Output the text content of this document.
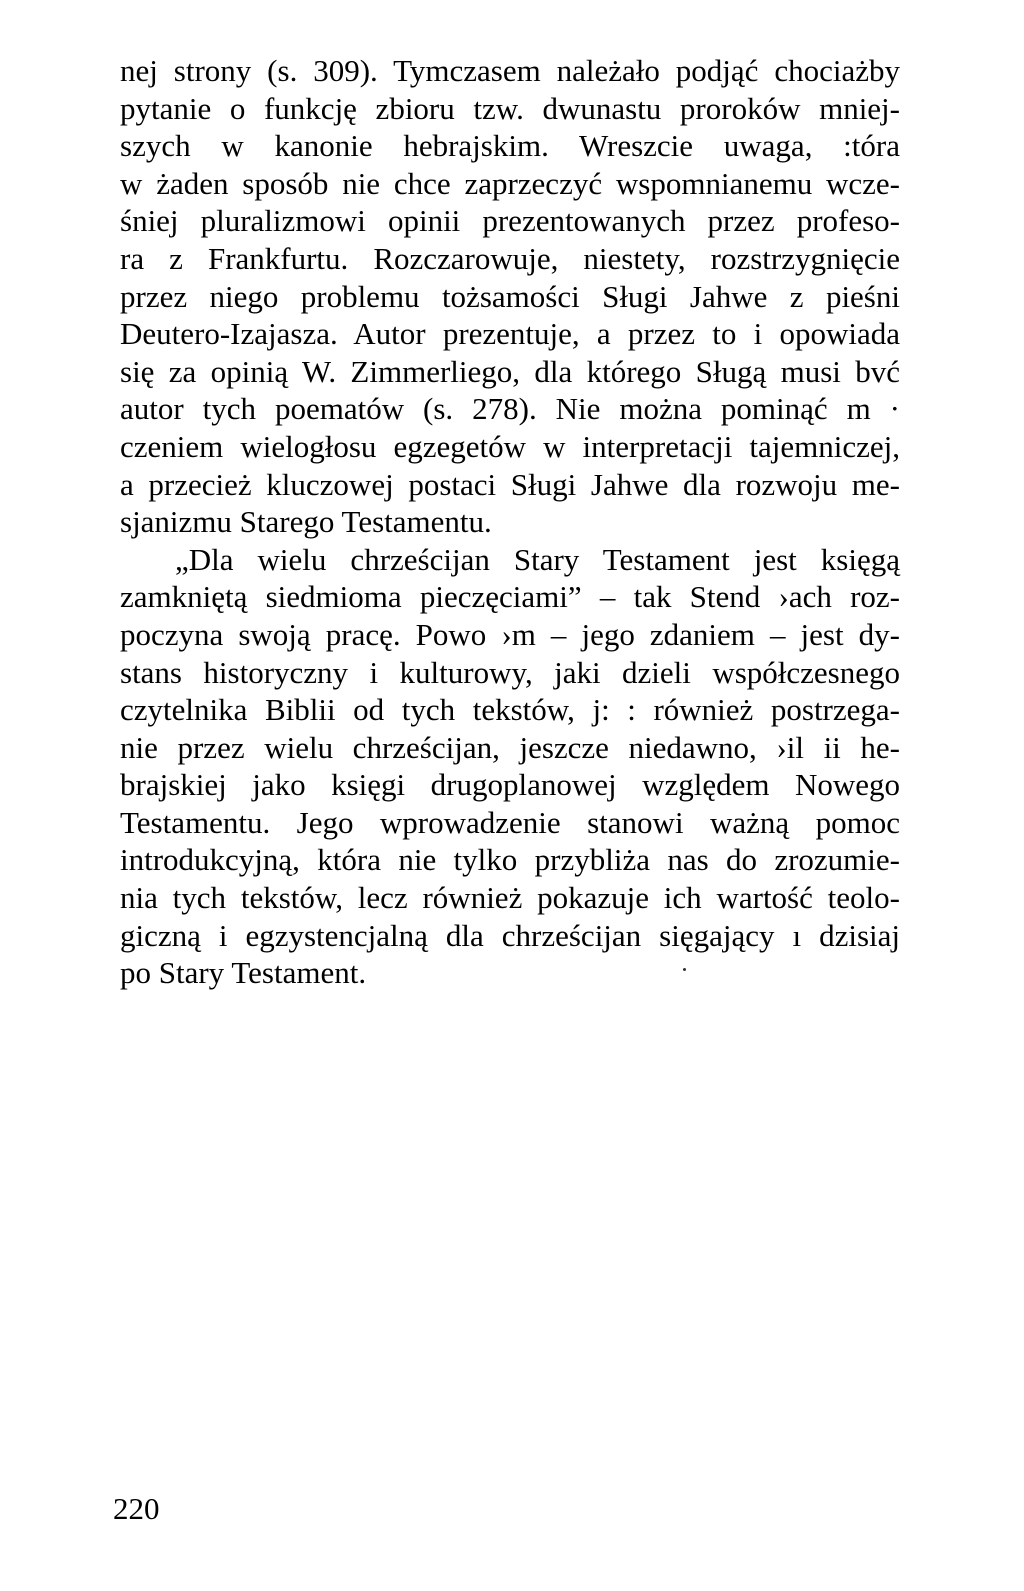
nej strony (s. 309). Tymczasem należało podjąć chociażby
pytanie o funkcję zbioru tzw. dwunastu proroków mniej-
szych w kanonie hebrajskim. Wreszcie uwaga, :tóra
w żaden sposób nie chce zaprzeczyć wspomnianemu wcze-
śniej pluralizmowi opinii prezentowanych przez profeso-
ra z Frankfurtu. Rozczarowuje, niestety, rozstrzygnięcie
przez niego problemu tożsamości Sługi Jahwe z pieśni
Deutero-Izajasza. Autor prezentuje, a przez to i opowiada
się za opinią W. Zimmerliego, dla którego Sługą musi bvć
autor tych poematów (s. 278). Nie można pominąć m ·
czeniem wielogłosu egzegetów w interpretacji tajemniczej,
a przecież kluczowej postaci Sługi Jahwe dla rozwoju me-
sjanizmu Starego Testamentu.
„Dla wielu chrześcijan Stary Testament jest księgą
zamkniętą siedmioma pieczęciami” – tak Stend ›ach roz-
poczyna swoją pracę. Powo ›m – jego zdaniem – jest dy-
stans historyczny i kulturowy, jaki dzieli współczesnego
czytelnika Biblii od tych tekstów, j: : również postrzega-
nie przez wielu chrześcijan, jeszcze niedawno, ›il ii he-
brajskiej jako księgi drugoplanowej względem Nowego
Testamentu. Jego wprowadzenie stanowi ważną pomoc
introdukcyjną, która nie tylko przybliża nas do zrozumie-
nia tych tekstów, lecz również pokazuje ich wartość teolo-
giczną i egzystencjalną dla chrześcijan sięgający ı dzisiaj
po Stary Testament.
220
